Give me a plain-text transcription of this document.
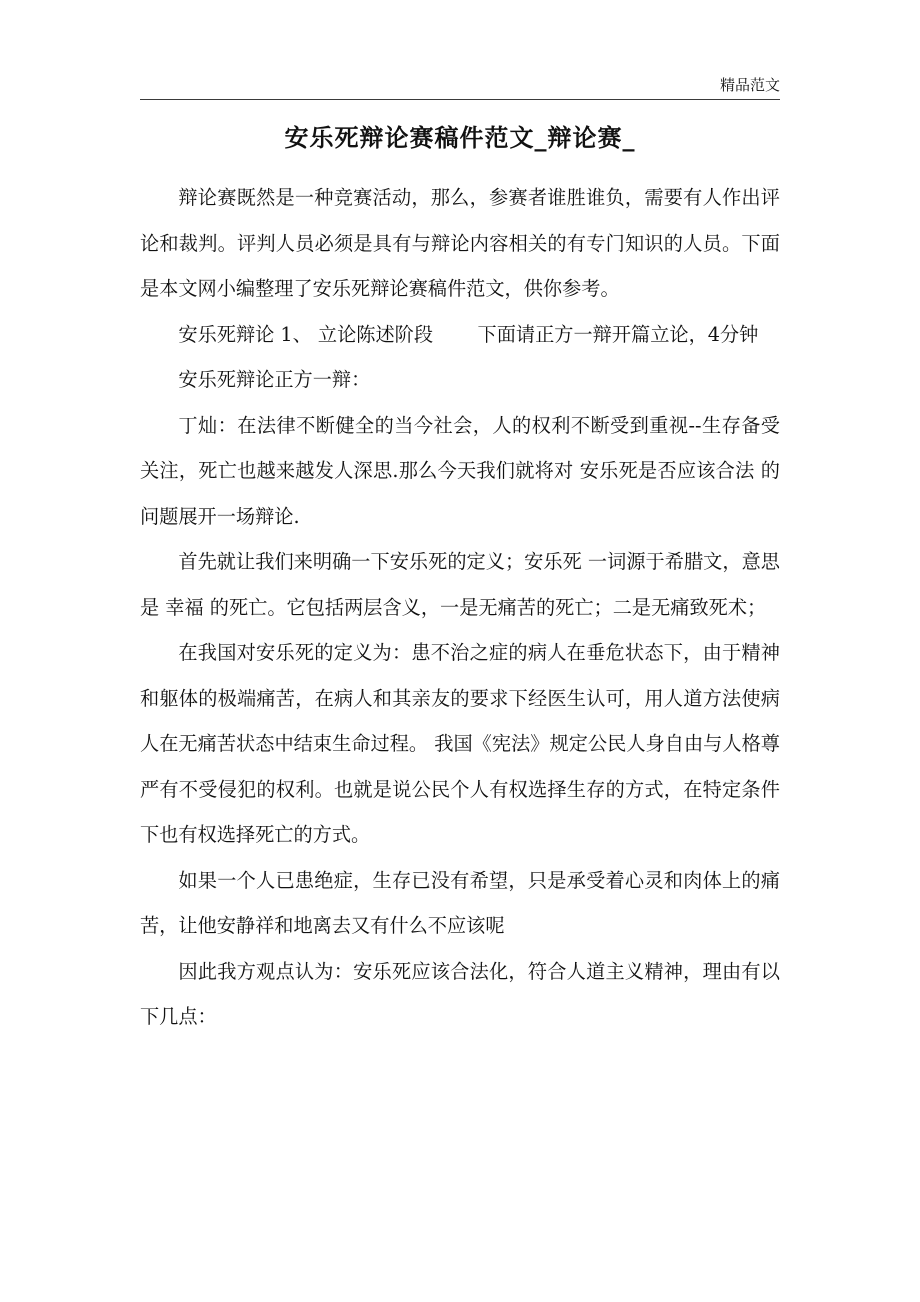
精品范文
安乐死辩论赛稿件范文_辩论赛_

辩论赛既然是一种竞赛活动，那么，参赛者谁胜谁负，需要有人作出评论和裁判。评判人员必须是具有与辩论内容相关的有专门知识的人员。下面是本文网小编整理了安乐死辩论赛稿件范文，供你参考。

安乐死辩论 1、 立论陈述阶段 　　下面请正方一辩开篇立论，4分钟

安乐死辩论正方一辩：

丁灿：在法律不断健全的当今社会，人的权利不断受到重视--生存备受关注，死亡也越来越发人深思.那么今天我们就将对 安乐死是否应该合法 的问题展开一场辩论.

首先就让我们来明确一下安乐死的定义；安乐死 一词源于希腊文，意思是 幸福 的死亡。它包括两层含义，一是无痛苦的死亡；二是无痛致死术；

在我国对安乐死的定义为：患不治之症的病人在垂危状态下，由于精神和躯体的极端痛苦，在病人和其亲友的要求下经医生认可，用人道方法使病人在无痛苦状态中结束生命过程。 我国《宪法》规定公民人身自由与人格尊严有不受侵犯的权利。也就是说公民个人有权选择生存的方式，在特定条件下也有权选择死亡的方式。

如果一个人已患绝症，生存已没有希望，只是承受着心灵和肉体上的痛苦，让他安静祥和地离去又有什么不应该呢

因此我方观点认为：安乐死应该合法化，符合人道主义精神，理由有以下几点：
